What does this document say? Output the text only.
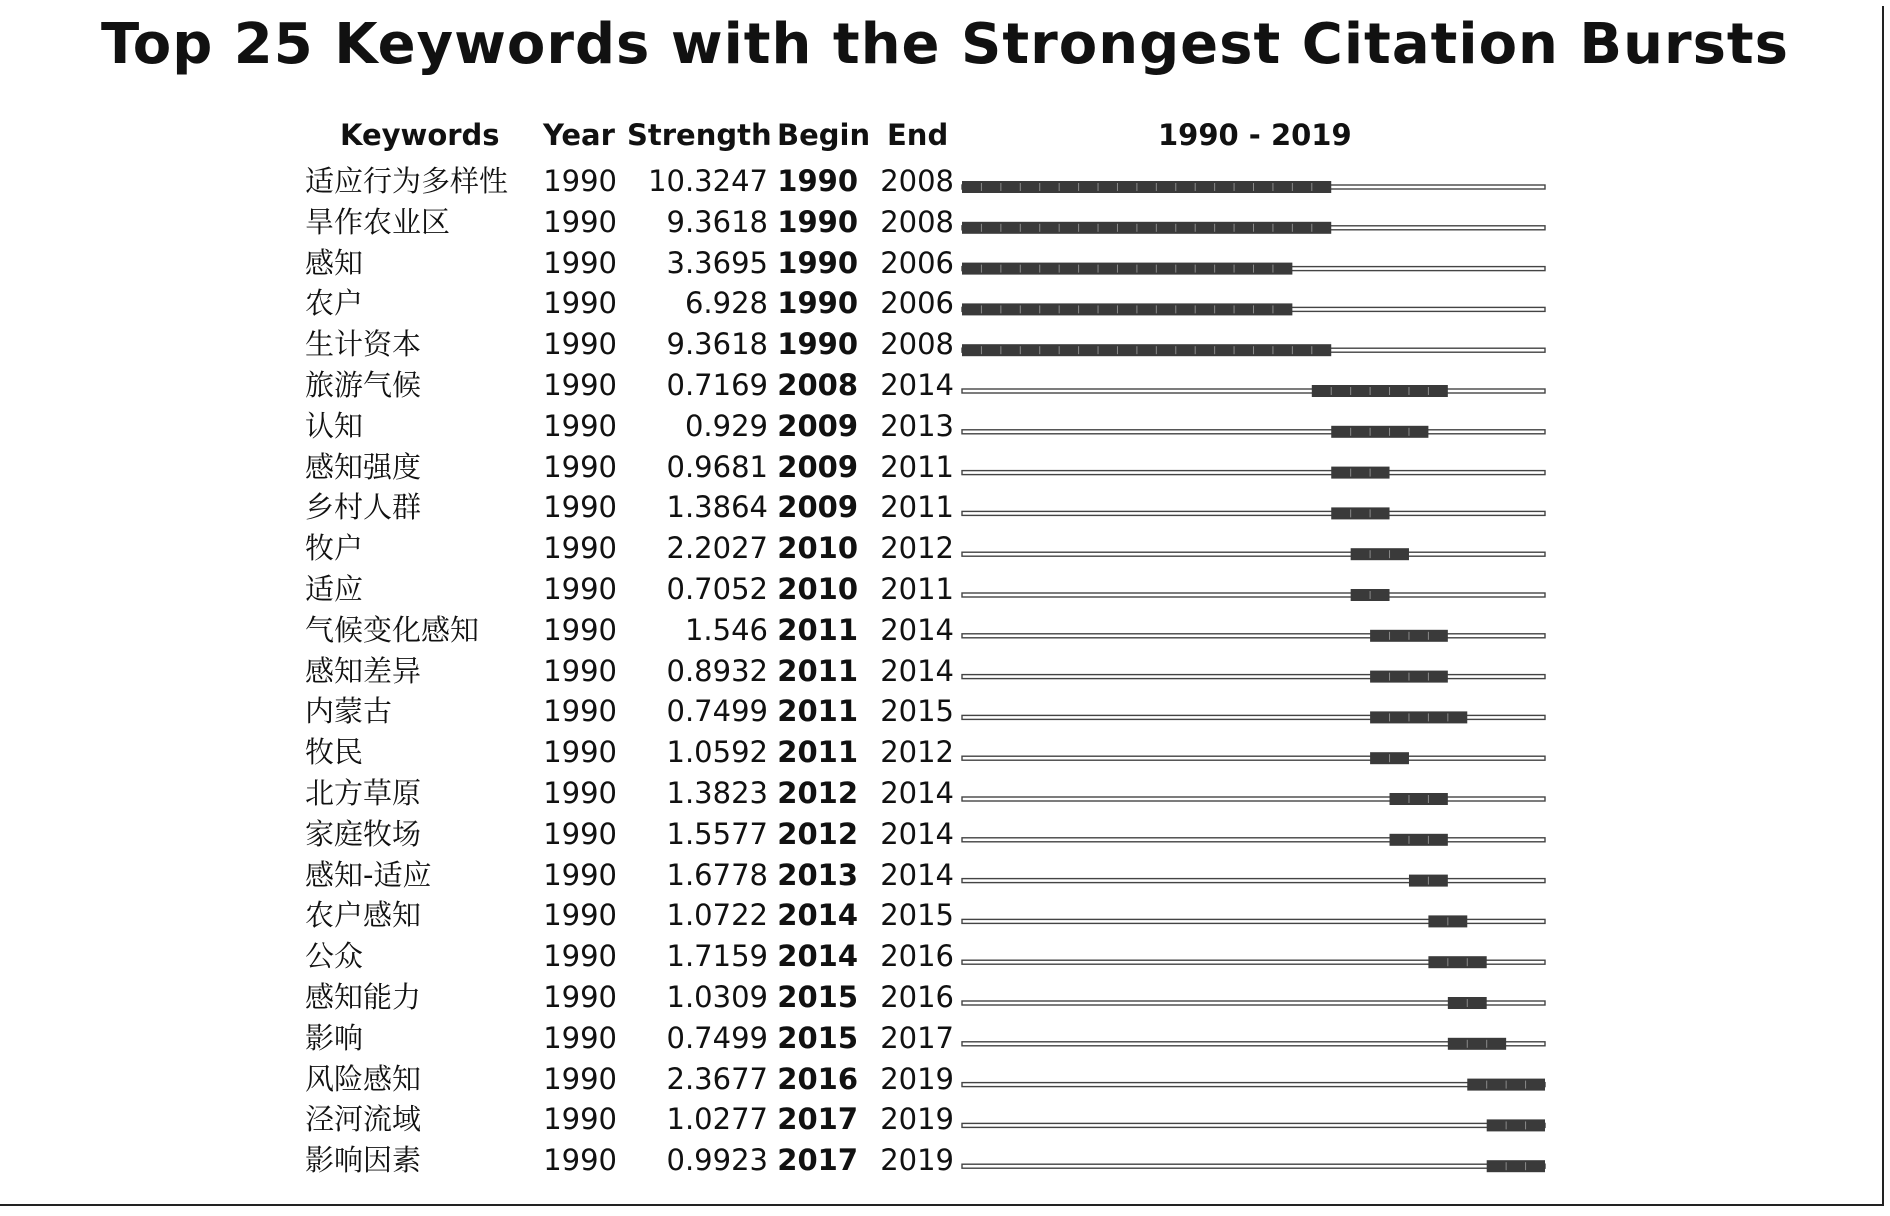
Top 25 Keywords with the Strongest Citation Bursts
Keywords Year Strength Begin End	1990 - 2019
适应行为多样性 1990 10.3247 1990 2008
旱作农业区	1990	9.3618 1990 2008
感知	1990	3.3695 1990 2006
农户	1990	6.928 1990 2006
生计资本	1990	9.3618 1990 2008
旅游气候	1990	0.7169 2008 2014
认知	1990	0.929 2009 2013
感知强度	1990	0.9681 2009 2011
乡村人群	1990	1.3864 2009 2011
牧户	1990	2.2027 2010 2012
适应	1990	0.7052 2010 2011
气候变化感知 1990	1.546 2011 2014
感知差异	1990	0.8932 2011 2014
内蒙古	1990	0.7499 2011 2015
牧民	1990	1.0592 2011 2012
北方草原	1990	1.3823 2012 2014
家庭牧场	1990	1.5577 2012 2014
感知-适应	1990	1.6778 2013 2014
农户感知	1990	1.0722 2014 2015
公众	1990	1.7159 2014 2016
感知能力	1990	1.0309 2015 2016
影响	1990	0.7499 2015 2017
风险感知	1990	2.3677 2016 2019
泾河流域	1990	1.0277 2017 2019
影响因素	1990	0.9923 2017 2019
